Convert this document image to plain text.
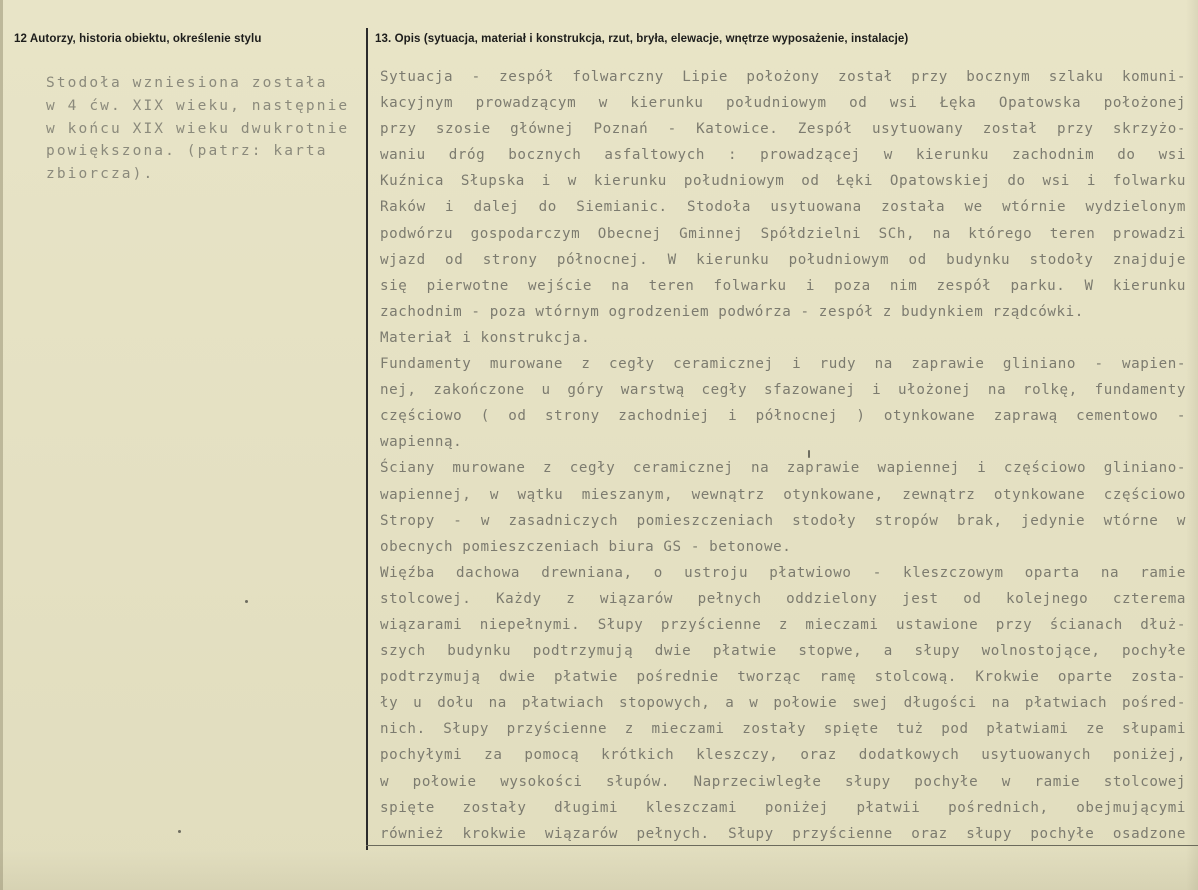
12 Autorzy, historia obiektu, określenie stylu	13. Opis (sytuacja, materiał i konstrukcja, rzut, bryła, elewacje, wnętrze wyposażenie, instalacje)
Stodoła wzniesiona została
w 4 ćw. XIX wieku, następnie
w końcu XIX wieku dwukrotnie
powiększona. (patrz: karta
zbiorcza).
Sytuacja - zespół folwarczny Lipie położony został przy bocznym szlaku komuni-
kacyjnym prowadzącym w kierunku południowym od wsi Łęka Opatowska położonej
przy szosie głównej Poznań - Katowice. Zespół usytuowany został przy skrzyżo-
waniu dróg bocznych asfaltowych : prowadzącej w kierunku zachodnim do wsi
Kuźnica Słupska i w kierunku południowym od Łęki Opatowskiej do wsi i folwarku
Raków i dalej do Siemianic. Stodoła usytuowana została we wtórnie wydzielonym
podwórzu gospodarczym Obecnej Gminnej Spółdzielni SCh, na którego teren prowadzi
wjazd od strony północnej. W kierunku południowym od budynku stodoły znajduje
się pierwotne wejście na teren folwarku i poza nim zespół parku. W kierunku
zachodnim - poza wtórnym ogrodzeniem podwórza - zespół z budynkiem rządcówki.
Materiał i konstrukcja.
Fundamenty murowane z cegły ceramicznej i rudy na zaprawie gliniano - wapien-
nej, zakończone u góry warstwą cegły sfazowanej i ułożonej na rolkę, fundamenty
częściowo ( od strony zachodniej i północnej ) otynkowane zaprawą cementowo -
wapienną.
Ściany murowane z cegły ceramicznej na zaprawie wapiennej i częściowo gliniano-
wapiennej, w wątku mieszanym, wewnątrz otynkowane, zewnątrz otynkowane częściowo
Stropy - w zasadniczych pomieszczeniach stodoły stropów brak, jedynie wtórne w
obecnych pomieszczeniach biura GS - betonowe.
Więźba dachowa drewniana, o ustroju płatwiowo - kleszczowym oparta na ramie
stolcowej. Każdy z wiązarów pełnych oddzielony jest od kolejnego czterema
wiązarami niepełnymi. Słupy przyścienne z mieczami ustawione przy ścianach dłuż-
szych budynku podtrzymują dwie płatwie stopwe, a słupy wolnostojące, pochyłe
podtrzymują dwie płatwie pośrednie tworząc ramę stolcową. Krokwie oparte zosta-
ły u dołu na płatwiach stopowych, a w połowie swej długości na płatwiach pośred-
nich. Słupy przyścienne z mieczami zostały spięte tuż pod płatwiami ze słupami
pochyłymi za pomocą krótkich kleszczy, oraz dodatkowych usytuowanych poniżej,
w połowie wysokości słupów. Naprzeciwległe słupy pochyłe w ramie stolcowej
spięte zostały długimi kleszczami poniżej płatwii pośrednich, obejmującymi
również krokwie wiązarów pełnych. Słupy przyścienne oraz słupy pochyłe osadzone
